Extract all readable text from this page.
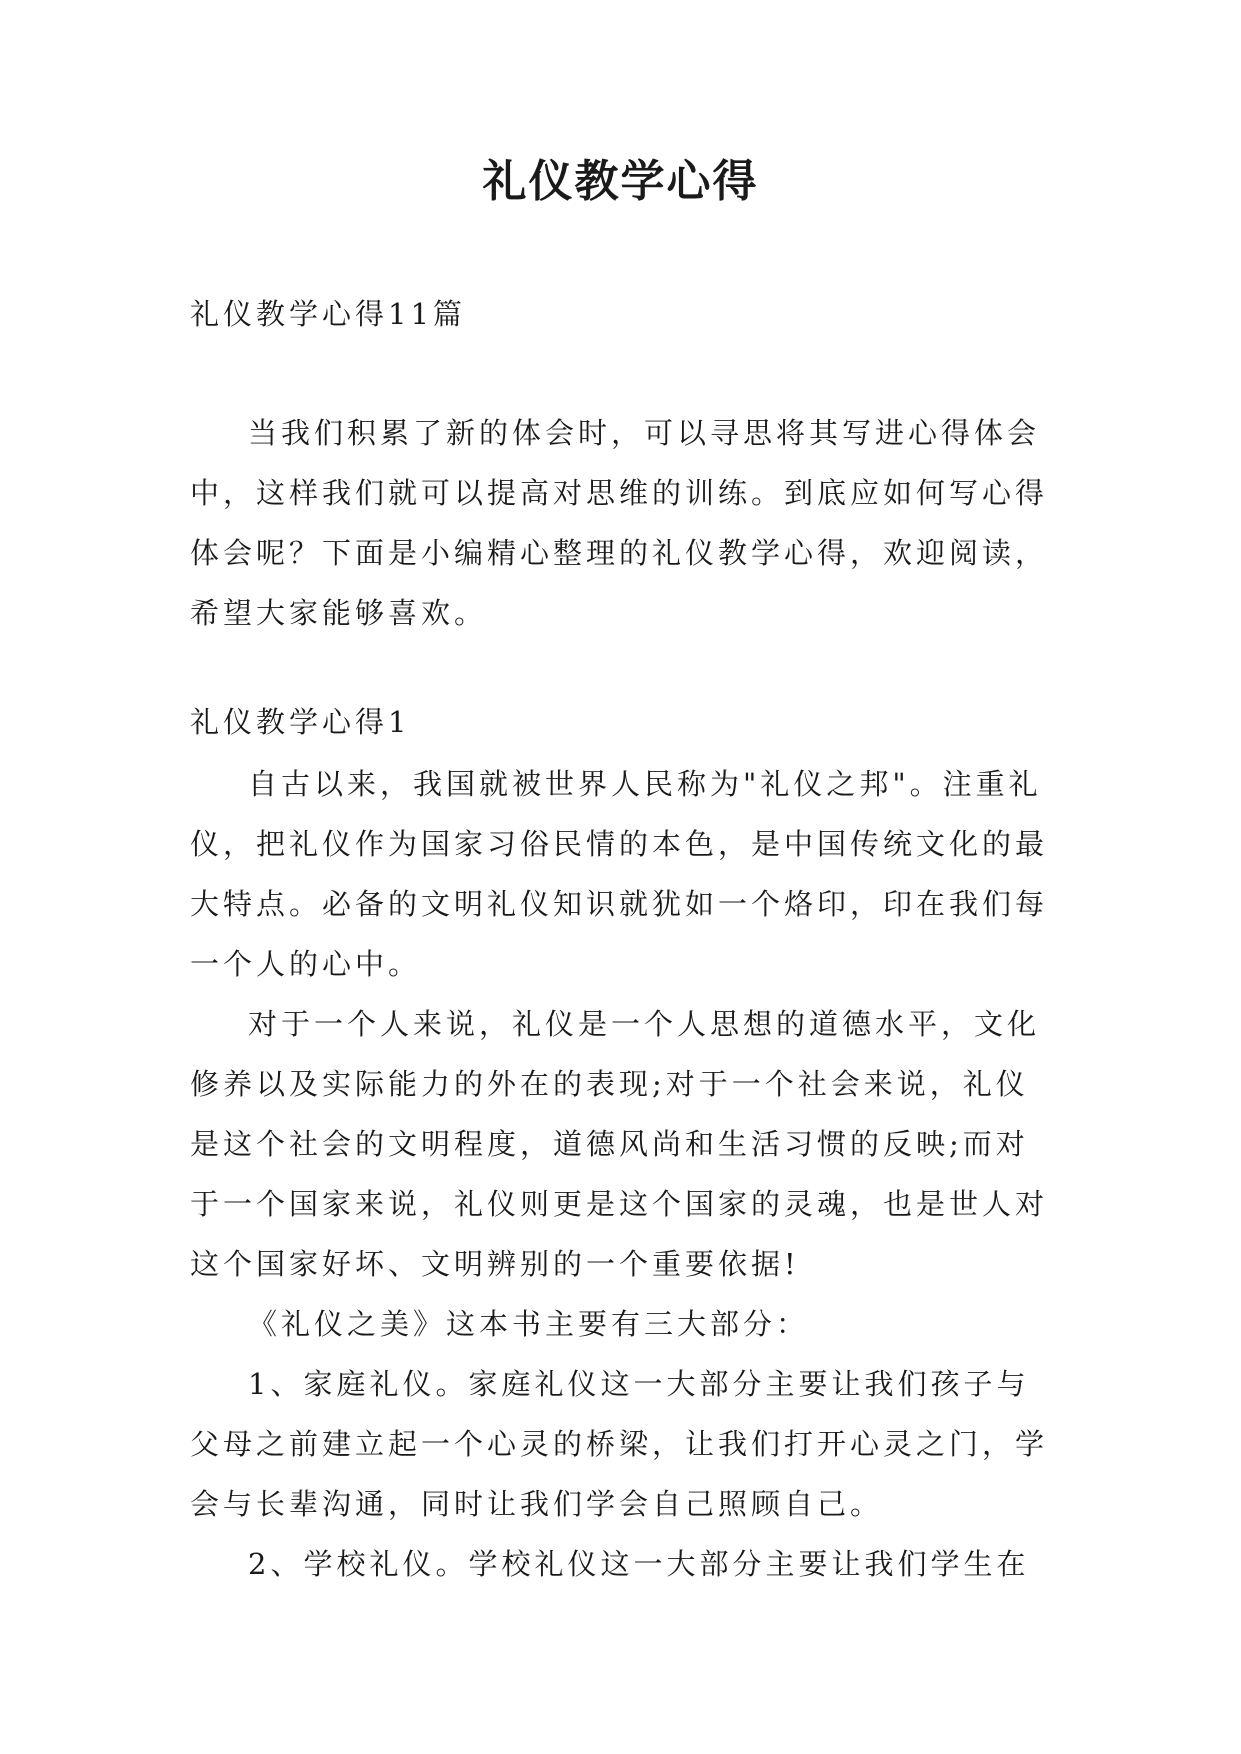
礼仪教学心得
礼仪教学心得11篇

当我们积累了新的体会时，可以寻思将其写进心得体会中，这样我们就可以提高对思维的训练。到底应如何写心得体会呢？下面是小编精心整理的礼仪教学心得，欢迎阅读，希望大家能够喜欢。

礼仪教学心得1

自古以来，我国就被世界人民称为"礼仪之邦"。注重礼仪，把礼仪作为国家习俗民情的本色，是中国传统文化的最大特点。必备的文明礼仪知识就犹如一个烙印，印在我们每一个人的心中。

对于一个人来说，礼仪是一个人思想的道德水平，文化修养以及实际能力的外在的表现;对于一个社会来说，礼仪是这个社会的文明程度，道德风尚和生活习惯的反映;而对于一个国家来说，礼仪则更是这个国家的灵魂，也是世人对这个国家好坏、文明辨别的一个重要依据!

《礼仪之美》这本书主要有三大部分：

1、家庭礼仪。家庭礼仪这一大部分主要让我们孩子与父母之前建立起一个心灵的桥梁，让我们打开心灵之门，学会与长辈沟通，同时让我们学会自己照顾自己。

2、学校礼仪。学校礼仪这一大部分主要让我们学生在
